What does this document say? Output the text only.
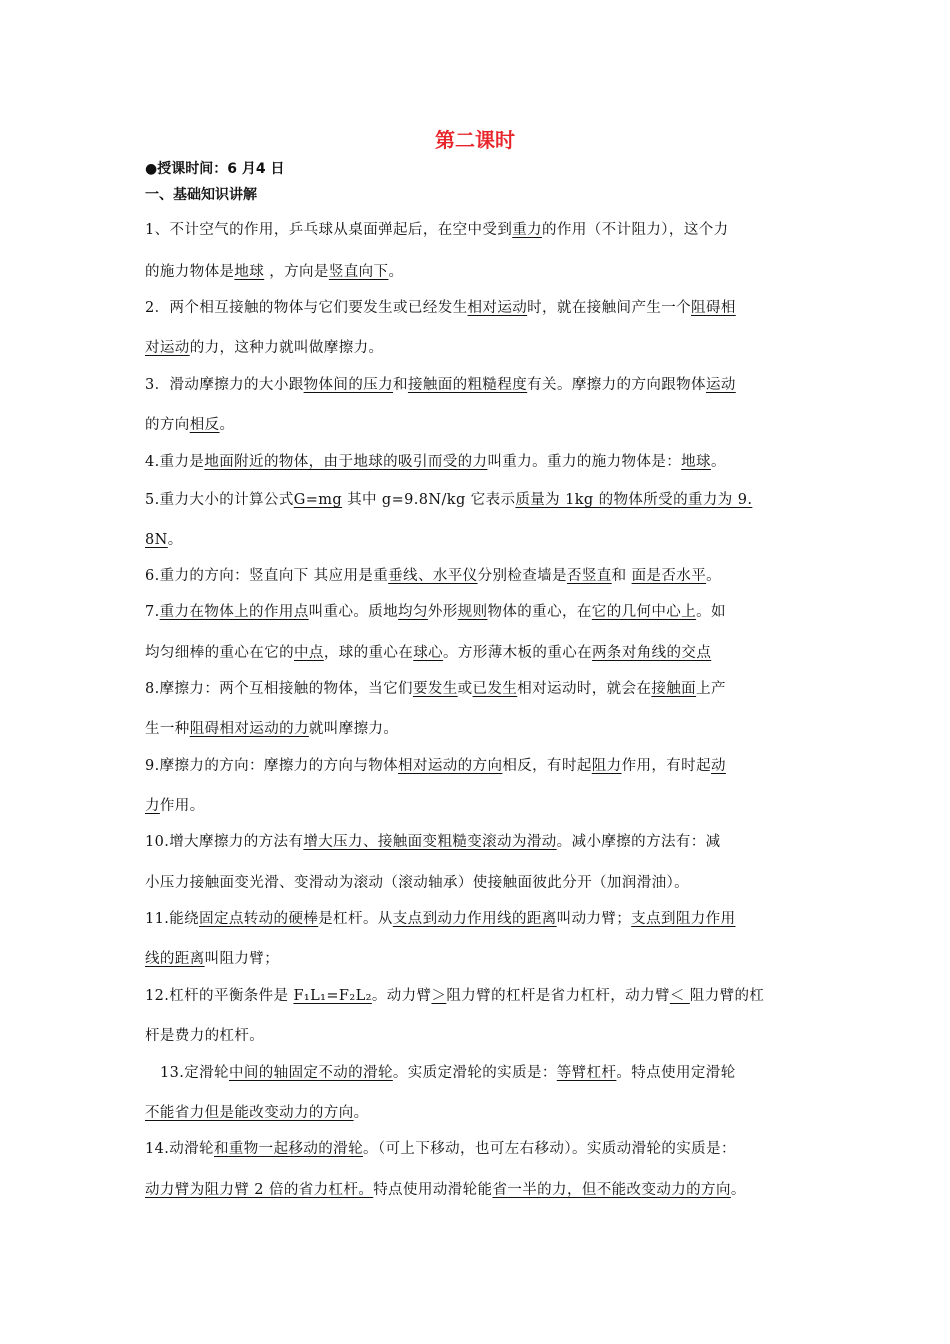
第二课时
●授课时间：6 月4 日
一、基础知识讲解
1、不计空气的作用，乒乓球从桌面弹起后，在空中受到重力的作用（不计阻力），这个力
的施力物体是地球 ，方向是竖直向下。
2．两个相互接触的物体与它们要发生或已经发生相对运动时，就在接触间产生一个阻碍相
对运动的力，这种力就叫做摩擦力。
3．滑动摩擦力的大小跟物体间的压力和接触面的粗糙程度有关。摩擦力的方向跟物体运动
的方向相反。
4.重力是地面附近的物体，由于地球的吸引而受的力叫重力。重力的施力物体是：地球。
5.重力大小的计算公式G=mg 其中 g=9.8N/kg 它表示质量为 1kg 的物体所受的重力为 9.
8N。
6.重力的方向：竖直向下 其应用是重垂线、水平仪分别检查墙是否竖直和 面是否水平。
7.重力在物体上的作用点叫重心。质地均匀外形规则物体的重心，在它的几何中心上。如
均匀细棒的重心在它的中点，球的重心在球心。方形薄木板的重心在两条对角线的交点
8.摩擦力：两个互相接触的物体，当它们要发生或已发生相对运动时，就会在接触面上产
生一种阻碍相对运动的力就叫摩擦力。
9.摩擦力的方向：摩擦力的方向与物体相对运动的方向相反，有时起阻力作用，有时起动
力作用。
10.增大摩擦力的方法有增大压力、接触面变粗糙变滚动为滑动。减小摩擦的方法有：减
小压力接触面变光滑、变滑动为滚动（滚动轴承）使接触面彼此分开（加润滑油）。
11.能绕固定点转动的硬棒是杠杆。从支点到动力作用线的距离叫动力臂；支点到阻力作用
线的距离叫阻力臂；
12.杠杆的平衡条件是 F₁L₁=F₂L₂。动力臂＞阻力臂的杠杆是省力杠杆，动力臂＜ 阻力臂的杠
杆是费力的杠杆。
13.定滑轮中间的轴固定不动的滑轮。实质定滑轮的实质是：等臂杠杆。特点使用定滑轮
不能省力但是能改变动力的方向。
14.动滑轮和重物一起移动的滑轮。（可上下移动，也可左右移动）。实质动滑轮的实质是：
动力臂为阻力臂 2 倍的省力杠杆。特点使用动滑轮能省一半的力，但不能改变动力的方向。
